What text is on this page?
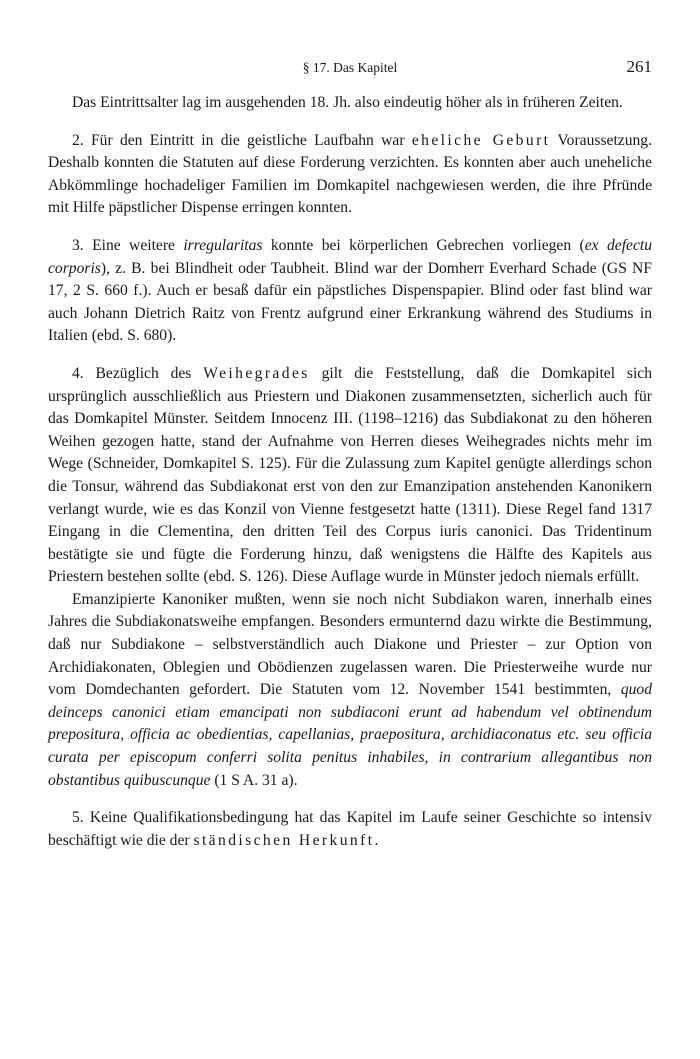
§ 17. Das Kapitel	261

Das Eintrittsalter lag im ausgehenden 18. Jh. also eindeutig höher als in früheren Zeiten.

2. Für den Eintritt in die geistliche Laufbahn war eheliche Geburt Voraussetzung. Deshalb konnten die Statuten auf diese Forderung verzichten. Es konnten aber auch uneheliche Abkömmlinge hochadeliger Familien im Domkapitel nachgewiesen werden, die ihre Pfründe mit Hilfe päpstlicher Dispense erringen konnten.

3. Eine weitere irregularitas konnte bei körperlichen Gebrechen vorliegen (ex defectu corporis), z. B. bei Blindheit oder Taubheit. Blind war der Domherr Everhard Schade (GS NF 17, 2 S. 660 f.). Auch er besaß dafür ein päpstliches Dispenspapier. Blind oder fast blind war auch Johann Dietrich Raitz von Frentz aufgrund einer Erkrankung während des Studiums in Italien (ebd. S. 680).

4. Bezüglich des Weihegrades gilt die Feststellung, daß die Domkapitel sich ursprünglich ausschließlich aus Priestern und Diakonen zusammensetzten, sicherlich auch für das Domkapitel Münster. Seitdem Innocenz III. (1198–1216) das Subdiakonat zu den höheren Weihen gezogen hatte, stand der Aufnahme von Herren dieses Weihegrades nichts mehr im Wege (Schneider, Domkapitel S. 125). Für die Zulassung zum Kapitel genügte allerdings schon die Tonsur, während das Subdiakonat erst von den zur Emanzipation anstehenden Kanonikern verlangt wurde, wie es das Konzil von Vienne festgesetzt hatte (1311). Diese Regel fand 1317 Eingang in die Clementina, den dritten Teil des Corpus iuris canonici. Das Tridentinum bestätigte sie und fügte die Forderung hinzu, daß wenigstens die Hälfte des Kapitels aus Priestern bestehen sollte (ebd. S. 126). Diese Auflage wurde in Münster jedoch niemals erfüllt.

Emanzipierte Kanoniker mußten, wenn sie noch nicht Subdiakon waren, innerhalb eines Jahres die Subdiakonatsweihe empfangen. Besonders ermunternd dazu wirkte die Bestimmung, daß nur Subdiakone – selbstverständlich auch Diakone und Priester – zur Option von Archidiakonaten, Oblegien und Obödienzen zugelassen waren. Die Priesterweihe wurde nur vom Domdechanten gefordert. Die Statuten vom 12. November 1541 bestimmten, quod deinceps canonici etiam emancipati non subdiaconi erunt ad habendum vel obtinendum prepositura, officia ac obedientias, capellanias, praepositura, archidiaconatus etc. seu officia curata per episcopum conferri solita penitus inhabiles, in contrarium allegantibus non obstantibus quibuscunque (1 S A. 31 a).

5. Keine Qualifikationsbedingung hat das Kapitel im Laufe seiner Geschichte so intensiv beschäftigt wie die der ständischen Herkunft.
